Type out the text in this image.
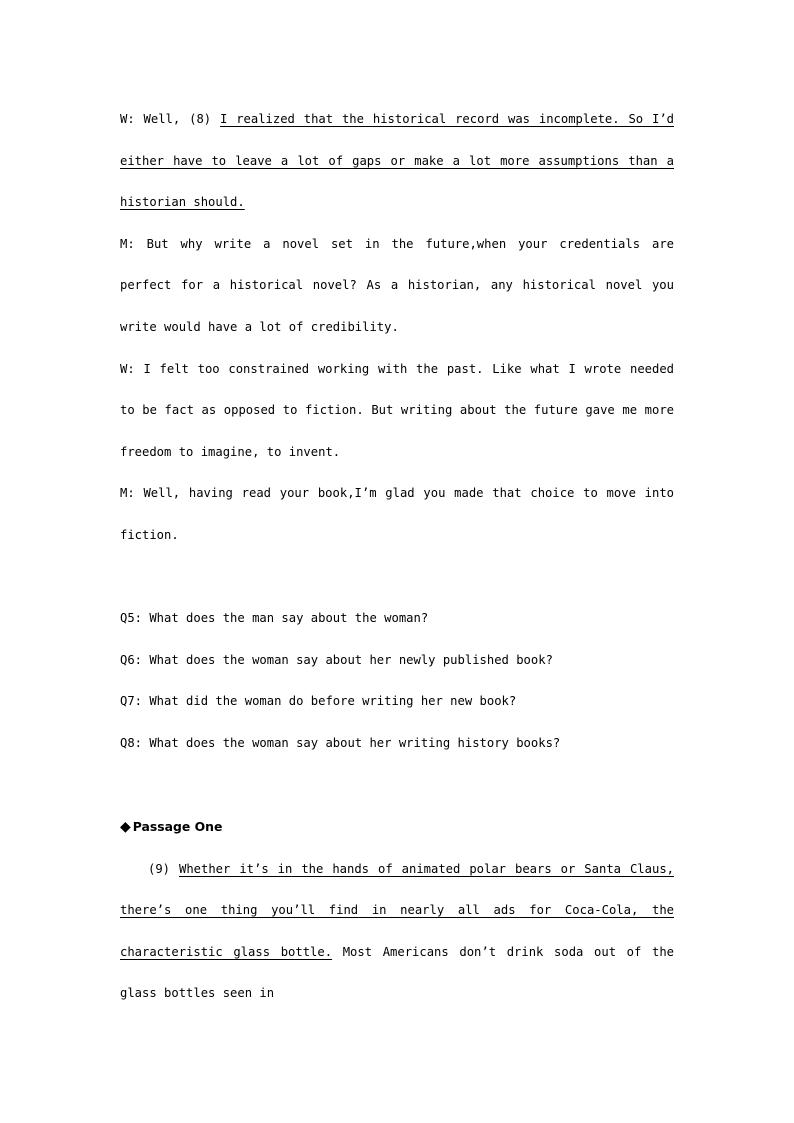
W: Well, (8) I realized that the historical record was incomplete. So I’d either have to leave a lot of gaps or make a lot more assumptions than a historian should.

M: But why write a novel set in the future,when your credentials are perfect for a historical novel? As a historian, any historical novel you write would have a lot of credibility.

W: I felt too constrained working with the past. Like what I wrote needed to be fact as opposed to fiction. But writing about the future gave me more freedom to imagine, to invent.

M: Well, having read your book,I’m glad you made that choice to move into fiction.

Q5: What does the man say about the woman?

Q6: What does the woman say about her newly published book?

Q7: What did the woman do before writing her new book?

Q8: What does the woman say about her writing history books?

◆ Passage One

(9) Whether it’s in the hands of animated polar bears or Santa Claus, there’s one thing you’ll find in nearly all ads for Coca-Cola, the characteristic glass bottle. Most Americans don’t drink soda out of the glass bottles seen in
